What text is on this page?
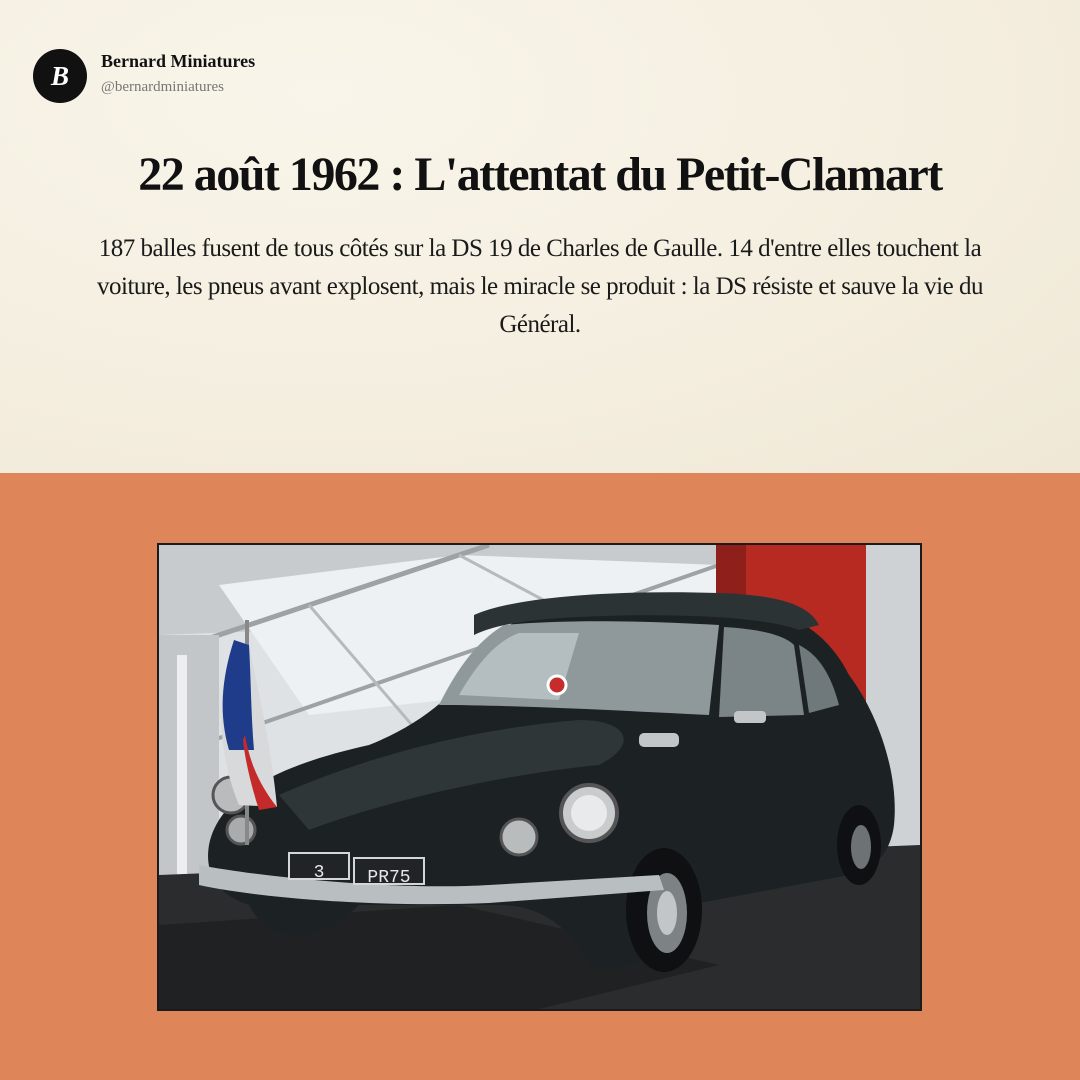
B Bernard Miniatures
@bernardminiatures
22 août 1962 : L'attentat du Petit-Clamart
187 balles fusent de tous côtés sur la DS 19 de Charles de Gaulle. 14 d'entre elles touchent la voiture, les pneus avant explosent, mais le miracle se produit : la DS résiste et sauve la vie du Général.
3 PR75
